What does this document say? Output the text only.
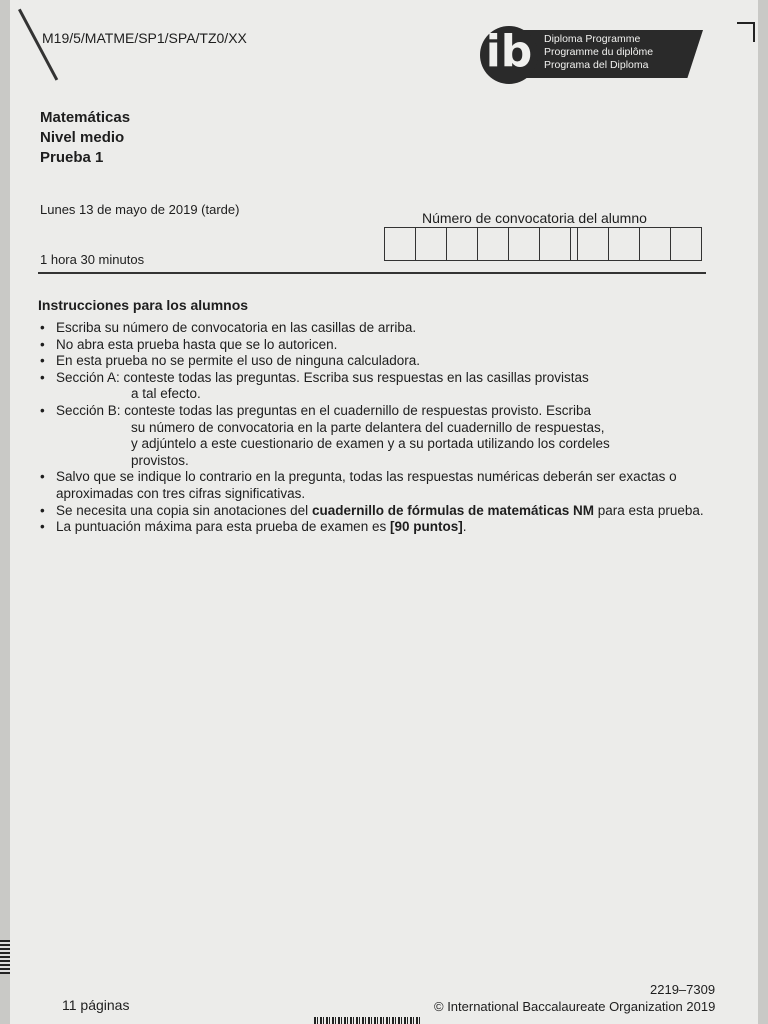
M19/5/MATME/SP1/SPA/TZ0/XX	ib	Diploma Programme
Programme du diplôme
Programa del Diploma
Matemáticas
Nivel medio
Prueba 1
Lunes 13 de mayo de 2019 (tarde)
Número de convocatoria del alumno
1 hora 30 minutos
Instrucciones para los alumnos
• Escriba su número de convocatoria en las casillas de arriba.
• No abra esta prueba hasta que se lo autoricen.
• En esta prueba no se permite el uso de ninguna calculadora.
• Sección A: conteste todas las preguntas. Escriba sus respuestas en las casillas provistas
a tal efecto.
• Sección B: conteste todas las preguntas en el cuadernillo de respuestas provisto. Escriba
su número de convocatoria en la parte delantera del cuadernillo de respuestas,
y adjúntelo a este cuestionario de examen y a su portada utilizando los cordeles
provistos.
• Salvo que se indique lo contrario en la pregunta, todas las respuestas numéricas deberán ser exactas o aproximadas con tres cifras significativas.
• Se necesita una copia sin anotaciones del cuadernillo de fórmulas de matemáticas NM para esta prueba.
• La puntuación máxima para esta prueba de examen es [90 puntos].
11 páginas
2219–7309
© International Baccalaureate Organization 2019
